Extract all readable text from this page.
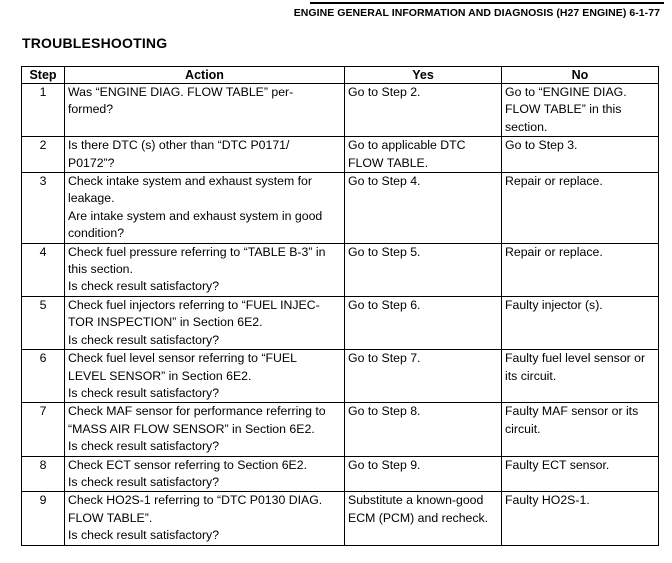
ENGINE GENERAL INFORMATION AND DIAGNOSIS (H27 ENGINE) 6-1-77
TROUBLESHOOTING
Step	Action	Yes	No
1	Was “ENGINE DIAG. FLOW TABLE” per-
formed?	Go to Step 2.	Go to “ENGINE DIAG.
FLOW TABLE” in this
section.

2	Is there DTC (s) other than “DTC P0171/
P0172”?	Go to applicable DTC
FLOW TABLE.	Go to Step 3.

3	Check intake system and exhaust system for
leakage.
Are intake system and exhaust system in good
condition?	Go to Step 4.	Repair or replace.

4	Check fuel pressure referring to “TABLE B-3” in
this section.
Is check result satisfactory?	Go to Step 5.	Repair or replace.

5	Check fuel injectors referring to “FUEL INJEC-
TOR INSPECTION” in Section 6E2.
Is check result satisfactory?	Go to Step 6.	Faulty injector (s).

6	Check fuel level sensor referring to “FUEL
LEVEL SENSOR” in Section 6E2.
Is check result satisfactory?	Go to Step 7.	Faulty fuel level sensor or
its circuit.

7	Check MAF sensor for performance referring to
“MASS AIR FLOW SENSOR” in Section 6E2.
Is check result satisfactory?	Go to Step 8.	Faulty MAF sensor or its
circuit.

8	Check ECT sensor referring to Section 6E2.
Is check result satisfactory?	Go to Step 9.	Faulty ECT sensor.

9	Check HO2S-1 referring to “DTC P0130 DIAG.
FLOW TABLE”.
Is check result satisfactory?	Substitute a known-good
ECM (PCM) and recheck.	Faulty HO2S-1.
